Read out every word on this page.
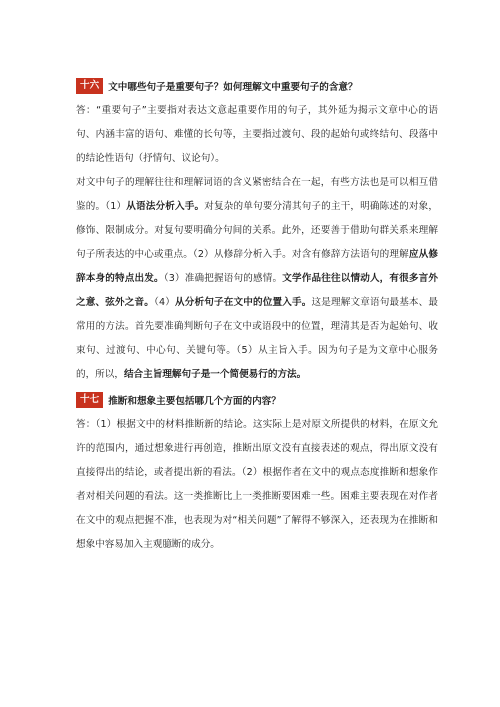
十六 文中哪些句子是重要句子？如何理解文中重要句子的含意？

答：“重要句子”主要指对表达文意起重要作用的句子，其外延为揭示文章中心的语句、内涵丰富的语句、难懂的长句等，主要指过渡句、段的起始句或终结句、段落中的结论性语句（抒情句、议论句）。

对文中句子的理解往往和理解词语的含义紧密结合在一起，有些方法也是可以相互借鉴的。（1）从语法分析入手。对复杂的单句要分清其句子的主干，明确陈述的对象，修饰、限制成分。对复句要明确分句间的关系。此外，还要善于借助句群关系来理解句子所表达的中心或重点。（2）从修辞分析入手。对含有修辞方法语句的理解应从修辞本身的特点出发。（3）准确把握语句的感情。文学作品往往以情动人，有很多言外之意、弦外之音。（4）从分析句子在文中的位置入手。这是理解文章语句最基本、最常用的方法。首先要准确判断句子在文中或语段中的位置，理清其是否为起始句、收束句、过渡句、中心句、关键句等。（5）从主旨入手。因为句子是为文章中心服务的，所以，结合主旨理解句子是一个简便易行的方法。

十七 推断和想象主要包括哪几个方面的内容？

答：（1）根据文中的材料推断新的结论。这实际上是对原文所提供的材料，在原文允许的范围内，通过想象进行再创造，推断出原文没有直接表述的观点，得出原文没有直接得出的结论，或者提出新的看法。（2）根据作者在文中的观点态度推断和想象作者对相关问题的看法。这一类推断比上一类推断要困难一些。困难主要表现在对作者在文中的观点把握不准，也表现为对“相关问题”了解得不够深入，还表现为在推断和想象中容易加入主观臆断的成分。
